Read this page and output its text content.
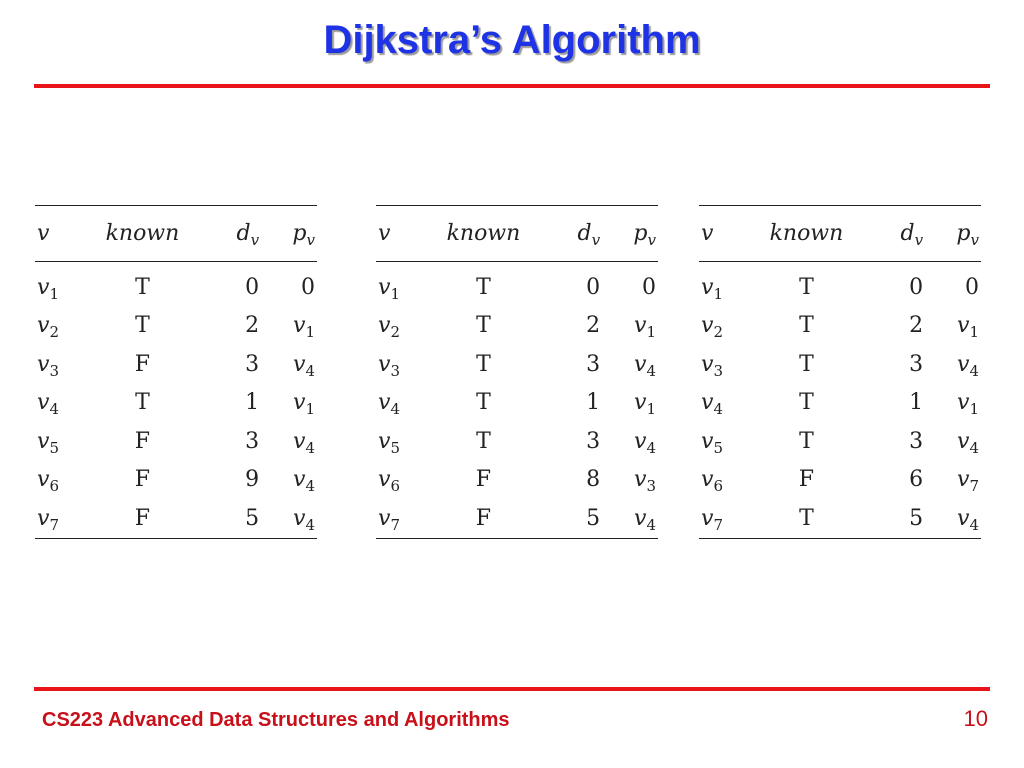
Dijkstra’s Algorithm
v	known	$d_v$	$p_v$
$v_1$	T	0	0
$v_2$	T	2	$v_1$
$v_3$	F	3	$v_4$
$v_4$	T	1	$v_1$
$v_5$	F	3	$v_4$
$v_6$	F	9	$v_4$
$v_7$	F	5	$v_4$
v	known	$d_v$	$p_v$
$v_1$	T	0	0
$v_2$	T	2	$v_1$
$v_3$	T	3	$v_4$
$v_4$	T	1	$v_1$
$v_5$	T	3	$v_4$
$v_6$	F	8	$v_3$
$v_7$	F	5	$v_4$
v	known	$d_v$	$p_v$
$v_1$	T	0	0
$v_2$	T	2	$v_1$
$v_3$	T	3	$v_4$
$v_4$	T	1	$v_1$
$v_5$	T	3	$v_4$
$v_6$	F	6	$v_7$
$v_7$	T	5	$v_4$
CS223 Advanced Data Structures and Algorithms	10
